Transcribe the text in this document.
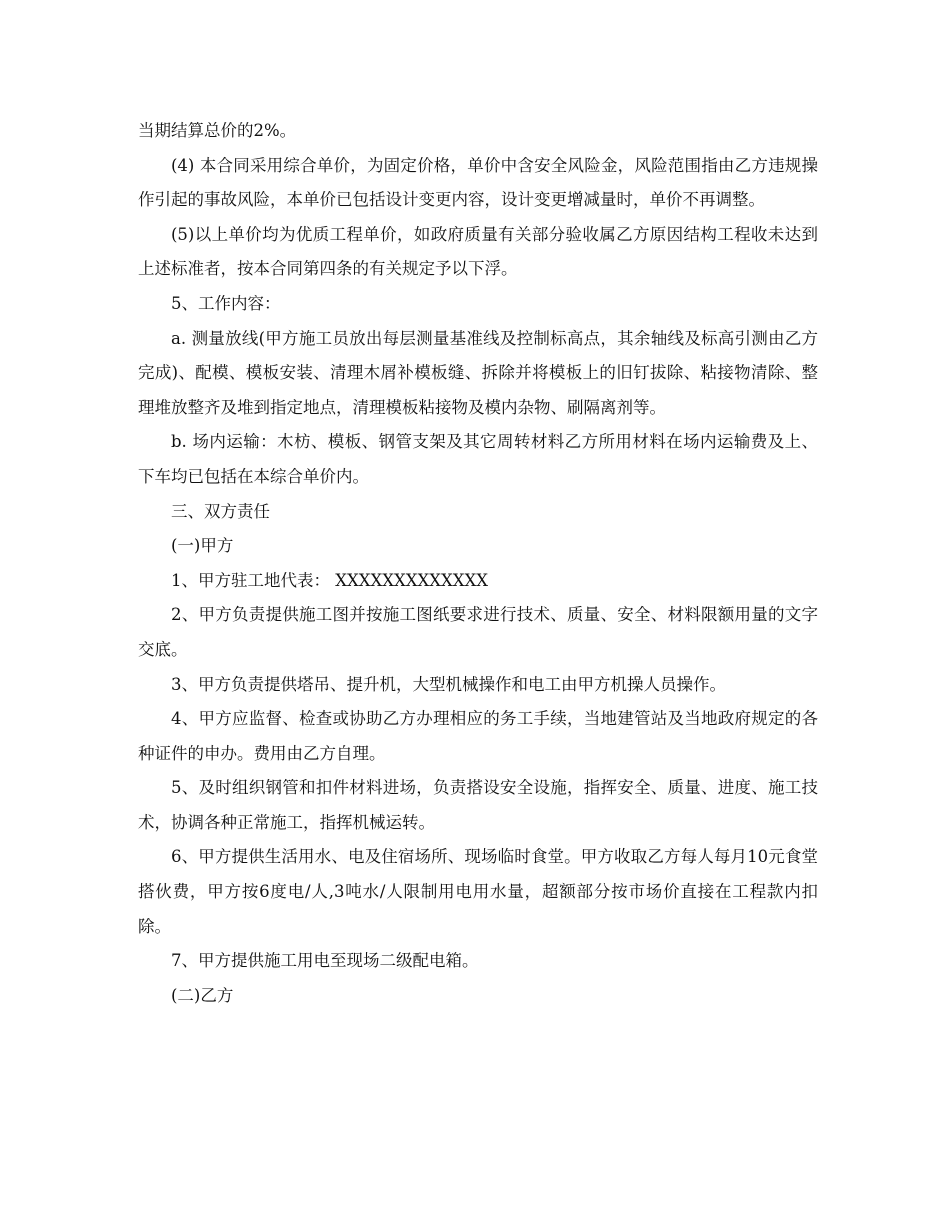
当期结算总价的2%。

(4) 本合同采用综合单价，为固定价格，单价中含安全风险金，风险范围指由乙方违规操作引起的事故风险，本单价已包括设计变更内容，设计变更增减量时，单价不再调整。

(5)以上单价均为优质工程单价，如政府质量有关部分验收属乙方原因结构工程收未达到上述标准者，按本合同第四条的有关规定予以下浮。

5、工作内容：

a. 测量放线(甲方施工员放出每层测量基准线及控制标高点，其余轴线及标高引测由乙方完成)、配模、模板安装、清理木屑补模板缝、拆除并将模板上的旧钉拔除、粘接物清除、整理堆放整齐及堆到指定地点，清理模板粘接物及模内杂物、刷隔离剂等。

b. 场内运输：木枋、模板、钢管支架及其它周转材料乙方所用材料在场内运输费及上、下车均已包括在本综合单价内。

三、双方责任

(一)甲方

1、甲方驻工地代表： XXXXXXXXXXXXX

2、甲方负责提供施工图并按施工图纸要求进行技术、质量、安全、材料限额用量的文字交底。

3、甲方负责提供塔吊、提升机，大型机械操作和电工由甲方机操人员操作。

4、甲方应监督、检查或协助乙方办理相应的务工手续，当地建管站及当地政府规定的各种证件的申办。费用由乙方自理。

5、及时组织钢管和扣件材料进场，负责搭设安全设施，指挥安全、质量、进度、施工技术，协调各种正常施工，指挥机械运转。

6、甲方提供生活用水、电及住宿场所、现场临时食堂。甲方收取乙方每人每月10元食堂搭伙费，甲方按6度电/人,3吨水/人限制用电用水量，超额部分按市场价直接在工程款内扣除。

7、甲方提供施工用电至现场二级配电箱。

(二)乙方
